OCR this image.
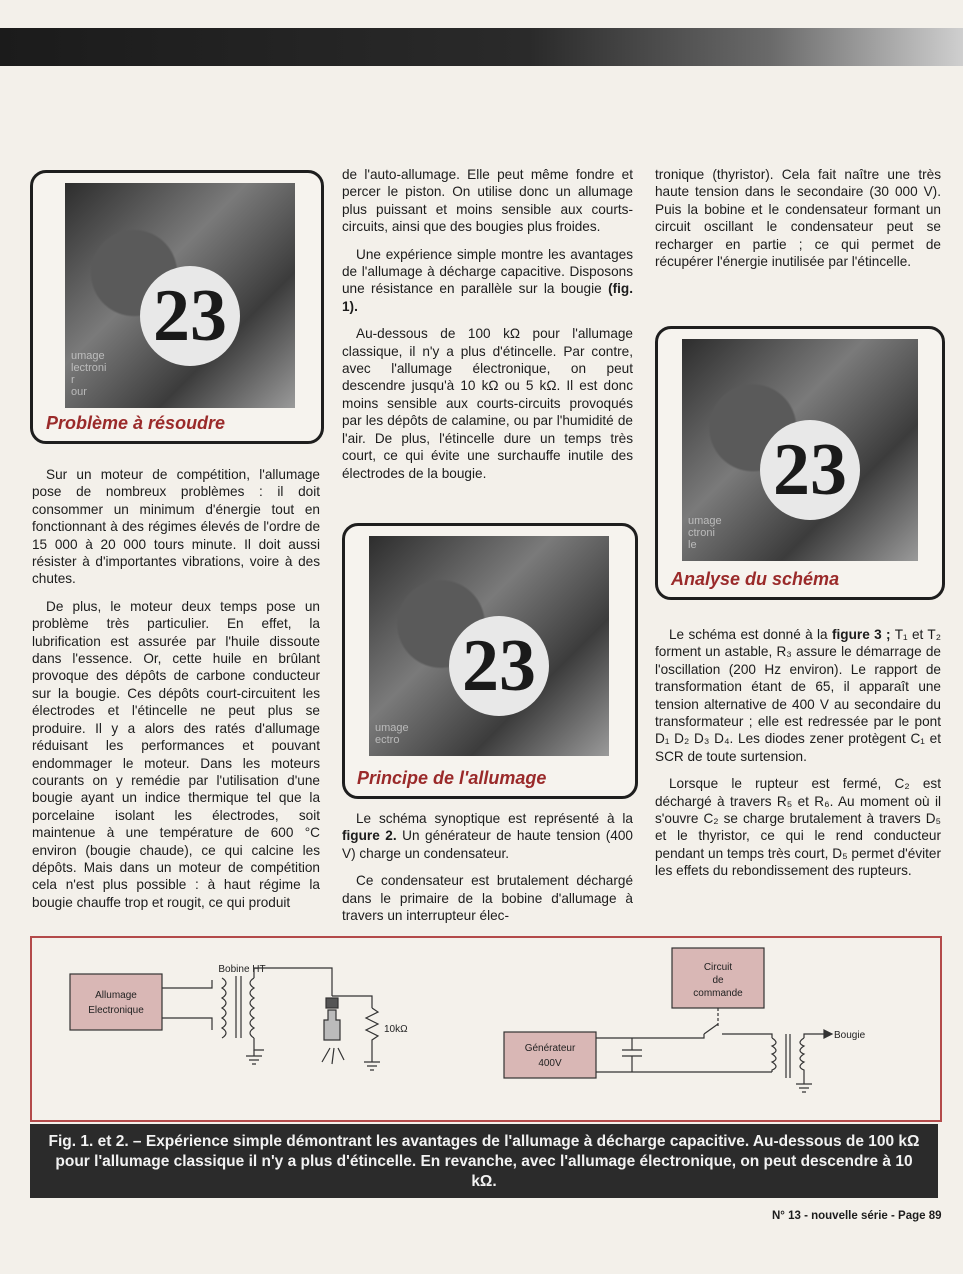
23
umage
lectroni
r
our
Problème à résoudre

Sur un moteur de compétition, l'allumage pose de nombreux problèmes : il doit consommer un minimum d'énergie tout en fonctionnant à des régimes élevés de l'ordre de 15 000 à 20 000 tours minute. Il doit aussi résister à d'importantes vibrations, voire à des chutes.

De plus, le moteur deux temps pose un problème très particulier. En effet, la lubrification est assurée par l'huile dissoute dans l'essence. Or, cette huile en brûlant provoque des dépôts de carbone conducteur sur la bougie. Ces dépôts court-circuitent les électrodes et l'étincelle ne peut plus se produire. Il y a alors des ratés d'allumage réduisant les performances et pouvant endommager le moteur. Dans les moteurs courants on y remédie par l'utilisation d'une bougie ayant un indice thermique tel que la porcelaine isolant les électrodes, soit maintenue à une température de 600 °C environ (bougie chaude), ce qui calcine les dépôts. Mais dans un moteur de compétition cela n'est plus possible : à haut régime la bougie chauffe trop et rougit, ce qui produit

de l'auto-allumage. Elle peut même fondre et percer le piston. On utilise donc un allumage plus puissant et moins sensible aux courts-circuits, ainsi que des bougies plus froides.

Une expérience simple montre les avantages de l'allumage à décharge capacitive. Disposons une résistance en parallèle sur la bougie (fig. 1).

Au-dessous de 100 kΩ pour l'allumage classique, il n'y a plus d'étincelle. Par contre, avec l'allumage électronique, on peut descendre jusqu'à 10 kΩ ou 5 kΩ. Il est donc moins sensible aux courts-circuits provoqués par les dépôts de calamine, ou par l'humidité de l'air. De plus, l'étincelle dure un temps très court, ce qui évite une surchauffe inutile des électrodes de la bougie.

23
umage
ectro
Principe de l'allumage

Le schéma synoptique est représenté à la figure 2. Un générateur de haute tension (400 V) charge un condensateur.

Ce condensateur est brutalement déchargé dans le primaire de la bobine d'allumage à travers un interrupteur élec-

tronique (thyristor). Cela fait naître une très haute tension dans le secondaire (30 000 V). Puis la bobine et le condensateur formant un circuit oscillant le condensateur peut se recharger en partie ; ce qui permet de récupérer l'énergie inutilisée par l'étincelle.

23
umage
ctroni
le
Analyse du schéma

Le schéma est donné à la figure 3 ; T₁ et T₂ forment un astable, R₃ assure le démarrage de l'oscillation (200 Hz environ). Le rapport de transformation étant de 65, il apparaît une tension alternative de 400 V au secondaire du transformateur ; elle est redressée par le pont D₁ D₂ D₃ D₄. Les diodes zener protègent C₁ et SCR de toute surtension.

Lorsque le rupteur est fermé, C₂ est déchargé à travers R₅ et R₆. Au moment où il s'ouvre C₂ se charge brutalement à travers D₅ et le thyristor, ce qui le rend conducteur pendant un temps très court, D₅ permet d'éviter les effets du rebondissement des rupteurs.

Allumage
Electronique
Bobine HT
10kΩ
Générateur
400V
Circuit
de
commande
Bougie
Fig. 1. et 2. – Expérience simple démontrant les avantages de l'allumage à décharge capacitive. Au-dessous de 100 kΩ pour l'allumage classique il n'y a plus d'étincelle. En revanche, avec l'allumage électronique, on peut descendre à 10 kΩ.
N° 13 - nouvelle série - Page 89
